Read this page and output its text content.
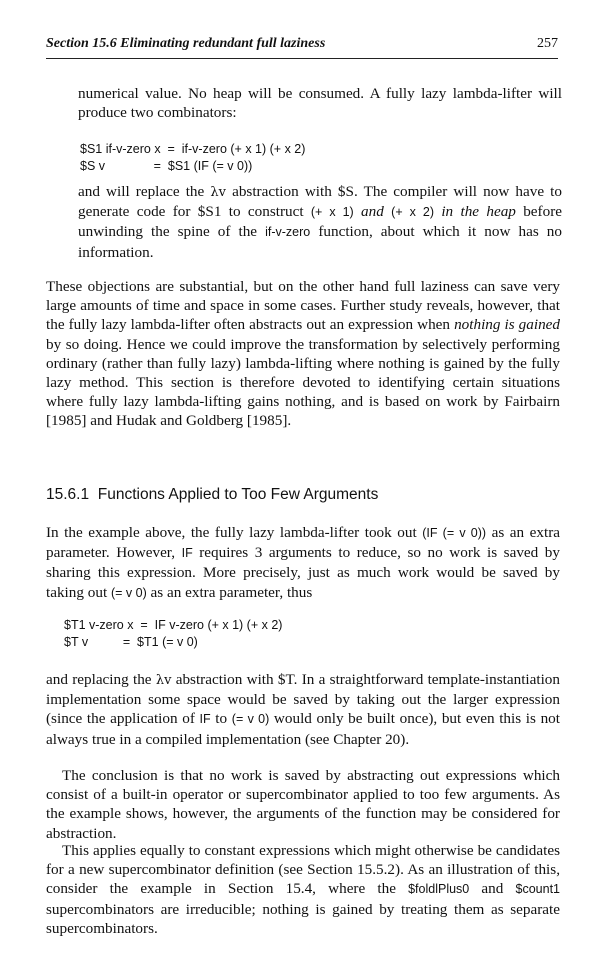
Section 15.6 Eliminating redundant full laziness	257

numerical value. No heap will be consumed. A fully lazy lambda-lifter will produce two combinators:

$S1 if-v-zero x  =  if-v-zero (+ x 1) (+ x 2)
$S v              =  $S1 (IF (= v 0))

and will replace the λv abstraction with $S. The compiler will now have to generate code for $S1 to construct (+ x 1) and (+ x 2) in the heap before unwinding the spine of the if-v-zero function, about which it now has no information.

These objections are substantial, but on the other hand full laziness can save very large amounts of time and space in some cases. Further study reveals, however, that the fully lazy lambda-lifter often abstracts out an expression when nothing is gained by so doing. Hence we could improve the transformation by selectively performing ordinary (rather than fully lazy) lambda-lifting where nothing is gained by the fully lazy method. This section is therefore devoted to identifying certain situations where fully lazy lambda-lifting gains nothing, and is based on work by Fairbairn [1985] and Hudak and Goldberg [1985].

15.6.1 Functions Applied to Too Few Arguments

In the example above, the fully lazy lambda-lifter took out (IF (= v 0)) as an extra parameter. However, IF requires 3 arguments to reduce, so no work is saved by sharing this expression. More precisely, just as much work would be saved by taking out (= v 0) as an extra parameter, thus

$T1 v-zero x  =  IF v-zero (+ x 1) (+ x 2)
$T v          =  $T1 (= v 0)

and replacing the λv abstraction with $T. In a straightforward template-instantiation implementation some space would be saved by taking out the larger expression (since the application of IF to (= v 0) would only be built once), but even this is not always true in a compiled implementation (see Chapter 20).

The conclusion is that no work is saved by abstracting out expressions which consist of a built-in operator or supercombinator applied to too few arguments. As the example shows, however, the arguments of the function may be considered for abstraction.

This applies equally to constant expressions which might otherwise be candidates for a new supercombinator definition (see Section 15.5.2). As an illustration of this, consider the example in Section 15.4, where the $foldlPlus0 and $count1 supercombinators are irreducible; nothing is gained by treating them as separate supercombinators.
